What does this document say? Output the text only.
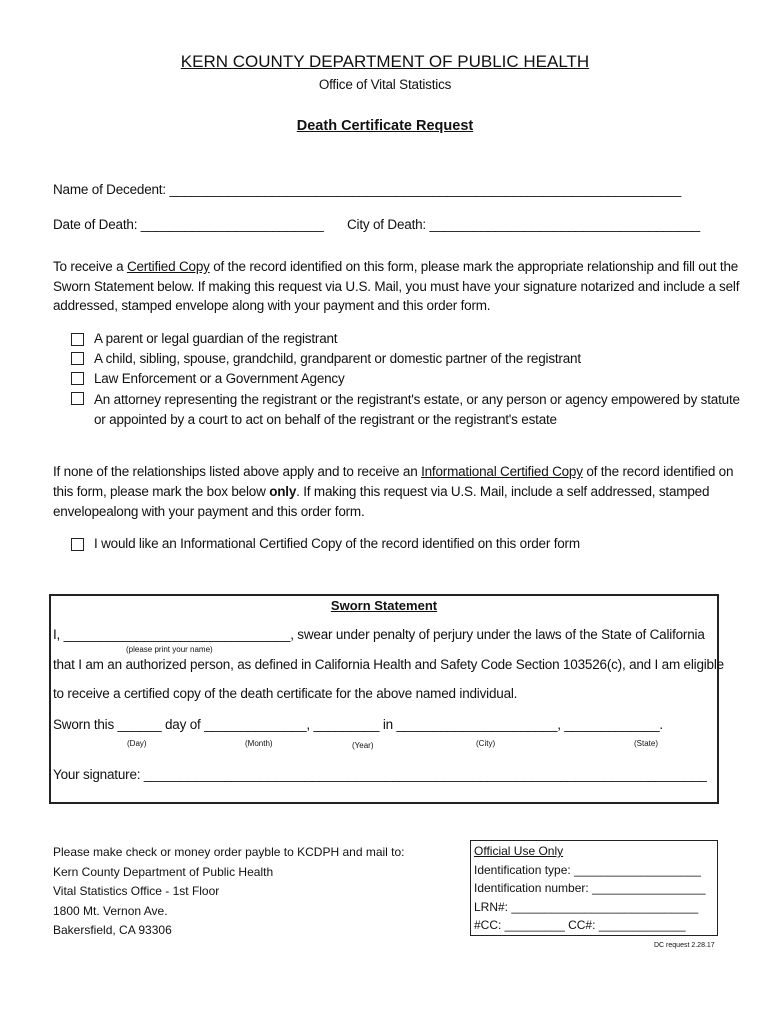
KERN COUNTY DEPARTMENT OF PUBLIC HEALTH
Office of Vital Statistics
Death Certificate Request
Name of Decedent: ______________________________________________________________________
Date of Death: _________________________ City of Death: _____________________________________
To receive a Certified Copy of the record identified on this form, please mark the appropriate relationship and fill out the
Sworn Statement below. If making this request via U.S. Mail, you must have your signature notarized and include a self
addressed, stamped envelope along with your payment and this order form.
A parent or legal guardian of the registrant
A child, sibling, spouse, grandchild, grandparent or domestic partner of the registrant
Law Enforcement or a Government Agency
An attorney representing the registrant or the registrant's estate, or any person or agency empowered by statute
or appointed by a court to act on behalf of the registrant or the registrant's estate
If none of the relationships listed above apply and to receive an Informational Certified Copy of the record identified on
this form, please mark the box below only. If making this request via U.S. Mail, include a self addressed, stamped
envelopealong with your payment and this order form.
I would like an Informational Certified Copy of the record identified on this order form
Sworn Statement
I, _______________________________, swear under penalty of perjury under the laws of the State of California
(please print your name)
that I am an authorized person, as defined in California Health and Safety Code Section 103526(c), and I am eligible
to receive a certified copy of the death certificate for the above named individual.
Sworn this ______ day of ______________, _________ in ______________________, _____________.
(Day)	(Month)	(Year)	(City)	(State)
Your signature: _____________________________________________________________________________
Please make check or money order payble to KCDPH and mail to:
Kern County Department of Public Health
Vital Statistics Office - 1st Floor
1800 Mt. Vernon Ave.
Bakersfield, CA 93306
Official Use Only
Identification type: ___________________
Identification number: _________________
LRN#: ____________________________
#CC: _________ CC#: _____________
DC request 2.28.17
